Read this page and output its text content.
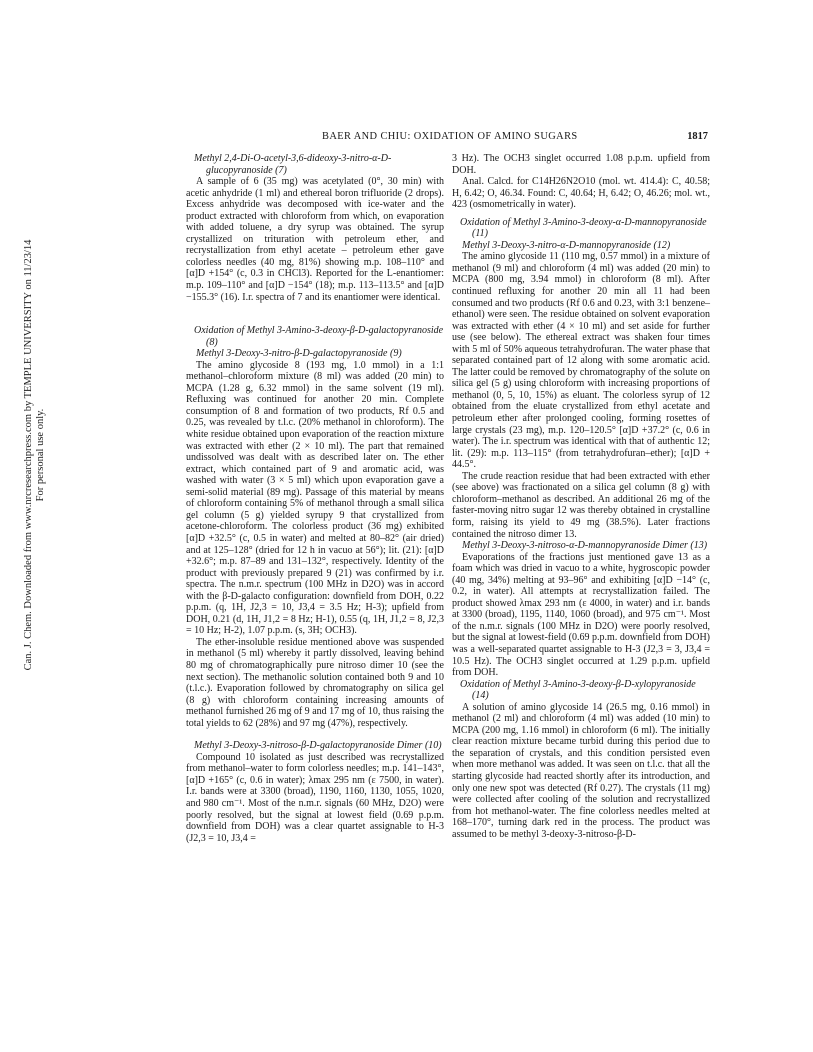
Can. J. Chem. Downloaded from www.nrcresearchpress.com by TEMPLE UNIVERSITY on 11/23/14 For personal use only.
BAER AND CHIU: OXIDATION OF AMINO SUGARS	1817
Methyl 2,4-Di-O-acetyl-3,6-dideoxy-3-nitro-α-D-glucopyranoside (7)

A sample of 6 (35 mg) was acetylated (0°, 30 min) with acetic anhydride (1 ml) and ethereal boron trifluoride (2 drops). Excess anhydride was decomposed with ice-water and the product extracted with chloroform from which, on evaporation with added toluene, a dry syrup was obtained. The syrup crystallized on trituration with petroleum ether, and recrystallization from ethyl acetate – petroleum ether gave colorless needles (40 mg, 81%) showing m.p. 108–110° and [α]D +154° (c, 0.3 in CHCl3). Reported for the L-enantiomer: m.p. 109–110° and [α]D −154° (18); m.p. 113–113.5° and [α]D −155.3° (16). I.r. spectra of 7 and its enantiomer were identical.

Oxidation of Methyl 3-Amino-3-deoxy-β-D-galactopyranoside (8)
Methyl 3-Deoxy-3-nitro-β-D-galactopyranoside (9)

The amino glycoside 8 (193 mg, 1.0 mmol) in a 1:1 methanol–chloroform mixture (8 ml) was added (20 min) to MCPA (1.28 g, 6.32 mmol) in the same solvent (19 ml). Refluxing was continued for another 20 min. Complete consumption of 8 and formation of two products, Rf 0.5 and 0.25, was revealed by t.l.c. (20% methanol in chloroform). The white residue obtained upon evaporation of the reaction mixture was extracted with ether (2 × 10 ml). The part that remained undissolved was dealt with as described later on. The ether extract, which contained part of 9 and aromatic acid, was washed with water (3 × 5 ml) which upon evaporation gave a semi-solid material (89 mg). Passage of this material by means of chloroform containing 5% of methanol through a small silica gel column (5 g) yielded syrupy 9 that crystallized from acetone-chloroform. The colorless product (36 mg) exhibited [α]D +32.5° (c, 0.5 in water) and melted at 80–82° (air dried) and at 125–128° (dried for 12 h in vacuo at 56°); lit. (21): [α]D +32.6°; m.p. 87–89 and 131–132°, respectively. Identity of the product with previously prepared 9 (21) was confirmed by i.r. spectra. The n.m.r. spectrum (100 MHz in D2O) was in accord with the β-D-galacto configuration: downfield from DOH, 0.22 p.p.m. (q, 1H, J2,3 = 10, J3,4 = 3.5 Hz; H-3); upfield from DOH, 0.21 (d, 1H, J1,2 = 8 Hz; H-1), 0.55 (q, 1H, J1,2 = 8, J2,3 = 10 Hz; H-2), 1.07 p.p.m. (s, 3H; OCH3).

The ether-insoluble residue mentioned above was suspended in methanol (5 ml) whereby it partly dissolved, leaving behind 80 mg of chromatographically pure nitroso dimer 10 (see the next section). The methanolic solution contained both 9 and 10 (t.l.c.). Evaporation followed by chromatography on silica gel (8 g) with chloroform containing increasing amounts of methanol furnished 26 mg of 9 and 17 mg of 10, thus raising the total yields to 62 (28%) and 97 mg (47%), respectively.

Methyl 3-Deoxy-3-nitroso-β-D-galactopyranoside Dimer (10)

Compound 10 isolated as just described was recrystallized from methanol–water to form colorless needles; m.p. 141–143°, [α]D +165° (c, 0.6 in water); λmax 295 nm (ε 7500, in water). I.r. bands were at 3300 (broad), 1190, 1160, 1130, 1055, 1020, and 980 cm⁻¹. Most of the n.m.r. signals (60 MHz, D2O) were poorly resolved, but the signal at lowest field (0.69 p.p.m. downfield from DOH) was a clear quartet assignable to H-3 (J2,3 = 10, J3,4 =

3 Hz). The OCH3 singlet occurred 1.08 p.p.m. upfield from DOH.

Anal. Calcd. for C14H26N2O10 (mol. wt. 414.4): C, 40.58; H, 6.42; O, 46.34. Found: C, 40.64; H, 6.42; O, 46.26; mol. wt., 423 (osmometrically in water).

Oxidation of Methyl 3-Amino-3-deoxy-α-D-mannopyranoside (11)
Methyl 3-Deoxy-3-nitro-α-D-mannopyranoside (12)

The amino glycoside 11 (110 mg, 0.57 mmol) in a mixture of methanol (9 ml) and chloroform (4 ml) was added (20 min) to MCPA (800 mg, 3.94 mmol) in chloroform (8 ml). After continued refluxing for another 20 min all 11 had been consumed and two products (Rf 0.6 and 0.23, with 3:1 benzene–ethanol) were seen. The residue obtained on solvent evaporation was extracted with ether (4 × 10 ml) and set aside for further use (see below). The ethereal extract was shaken four times with 5 ml of 50% aqueous tetrahydrofuran. The water phase that separated contained part of 12 along with some aromatic acid. The latter could be removed by chromatography of the solute on silica gel (5 g) using chloroform with increasing proportions of methanol (0, 5, 10, 15%) as eluant. The colorless syrup of 12 obtained from the eluate crystallized from ethyl acetate and petroleum ether after prolonged cooling, forming rosettes of large crystals (23 mg), m.p. 120–120.5° [α]D +37.2° (c, 0.6 in water). The i.r. spectrum was identical with that of authentic 12; lit. (29): m.p. 113–115° (from tetrahydrofuran–ether); [α]D + 44.5°.

The crude reaction residue that had been extracted with ether (see above) was fractionated on a silica gel column (8 g) with chloroform–methanol as described. An additional 26 mg of the faster-moving nitro sugar 12 was thereby obtained in crystalline form, raising its yield to 49 mg (38.5%). Later fractions contained the nitroso dimer 13.

Methyl 3-Deoxy-3-nitroso-α-D-mannopyranoside Dimer (13)

Evaporations of the fractions just mentioned gave 13 as a foam which was dried in vacuo to a white, hygroscopic powder (40 mg, 34%) melting at 93–96° and exhibiting [α]D −14° (c, 0.2, in water). All attempts at recrystallization failed. The product showed λmax 293 nm (ε 4000, in water) and i.r. bands at 3300 (broad), 1195, 1140, 1060 (broad), and 975 cm⁻¹. Most of the n.m.r. signals (100 MHz in D2O) were poorly resolved, but the signal at lowest-field (0.69 p.p.m. downfield from DOH) was a well-separated quartet assignable to H-3 (J2,3 = 3, J3,4 = 10.5 Hz). The OCH3 singlet occurred at 1.29 p.p.m. upfield from DOH.

Oxidation of Methyl 3-Amino-3-deoxy-β-D-xylopyranoside (14)

A solution of amino glycoside 14 (26.5 mg, 0.16 mmol) in methanol (2 ml) and chloroform (4 ml) was added (10 min) to MCPA (200 mg, 1.16 mmol) in chloroform (6 ml). The initially clear reaction mixture became turbid during this period due to the separation of crystals, and this condition persisted even when more methanol was added. It was seen on t.l.c. that all the starting glycoside had reacted shortly after its introduction, and only one new spot was detected (Rf 0.27). The crystals (11 mg) were collected after cooling of the solution and recrystallized from hot methanol-water. The fine colorless needles melted at 168–170°, turning dark red in the process. The product was assumed to be methyl 3-deoxy-3-nitroso-β-D-
